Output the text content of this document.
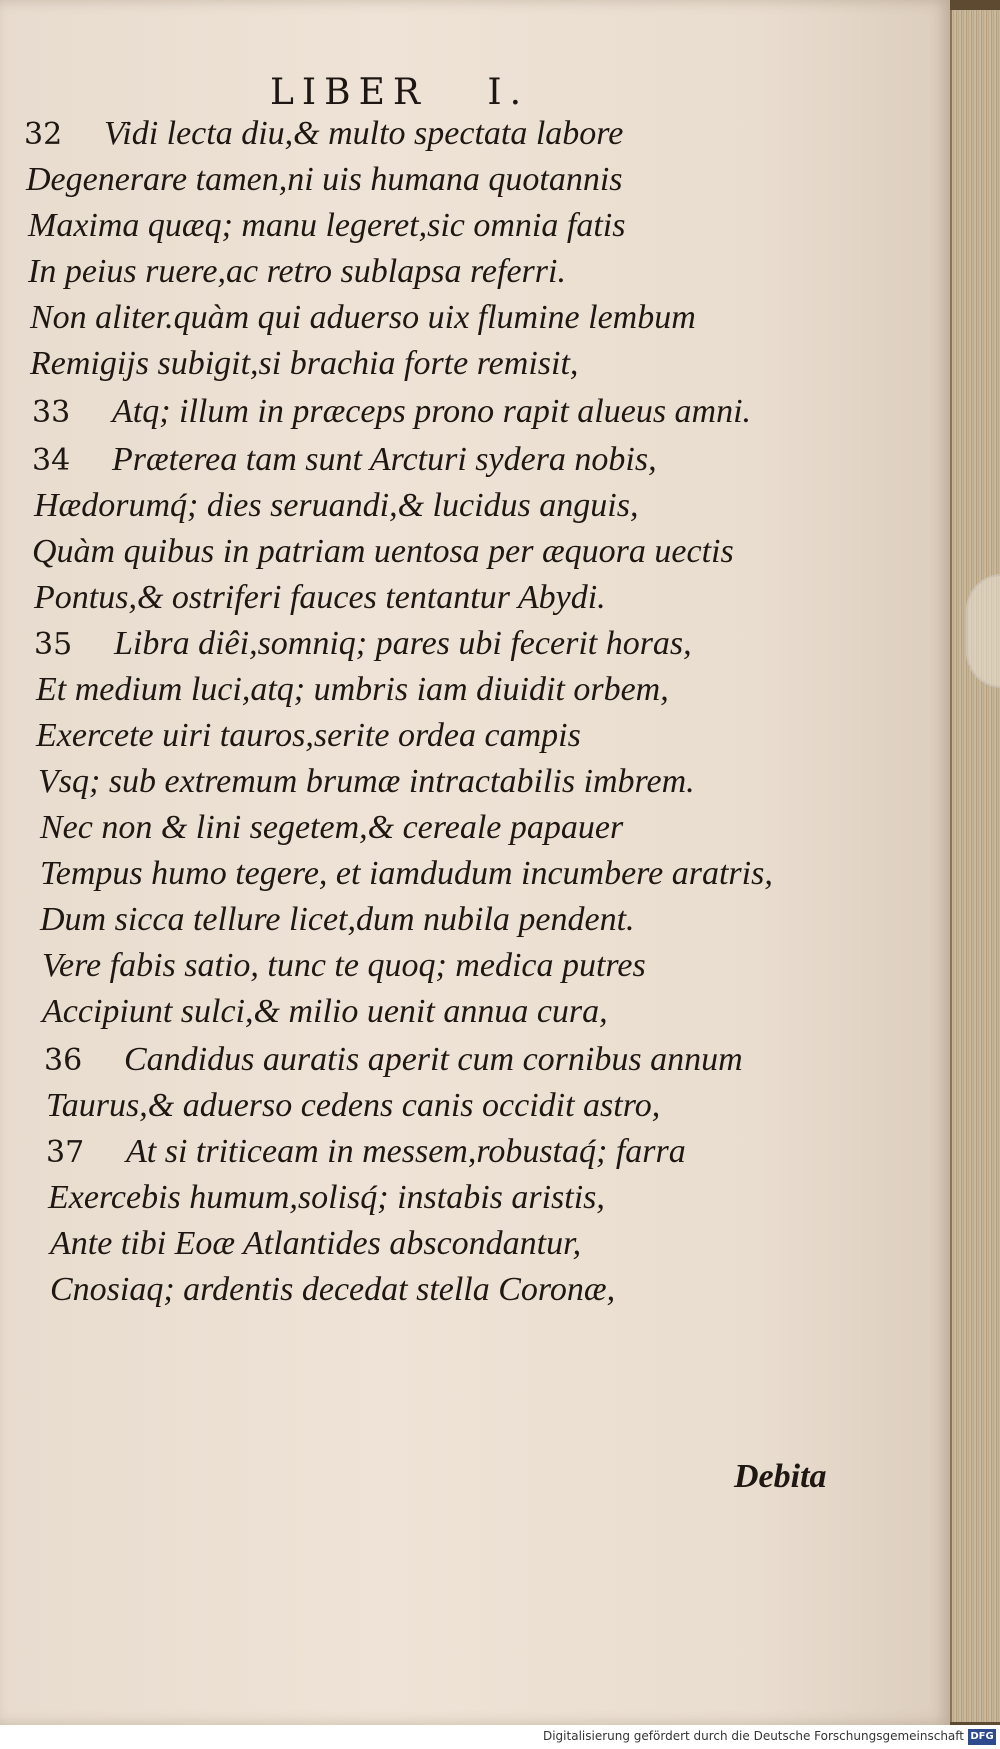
LIBER I.
32 Vidi lecta diu,& multo spectata labore
Degenerare tamen,ni uis humana quotannis
Maxima quæq; manu legeret,sic omnia fatis
In peius ruere,ac retro sublapsa referri.
Non aliter.quàm qui aduerso uix flumine lembum
Remigijs subigit,si brachia forte remisit,
33 Atq; illum in præceps prono rapit alueus amni.
34 Præterea tam sunt Arcturi sydera nobis,
Hædorumq́; dies seruandi,& lucidus anguis,
Quàm quibus in patriam uentosa per æquora uectis
Pontus,& ostriferi fauces tentantur Abydi.
35 Libra diêi,somniq; pares ubi fecerit horas,
Et medium luci,atq; umbris iam diuidit orbem,
Exercete uiri tauros,serite ordea campis
Vsq; sub extremum brumæ intractabilis imbrem.
Nec non & lini segetem,& cereale papauer
Tempus humo tegere, et iamdudum incumbere aratris,
Dum sicca tellure licet,dum nubila pendent.
Vere fabis satio, tunc te quoq; medica putres
Accipiunt sulci,& milio uenit annua cura,
36 Candidus auratis aperit cum cornibus annum
Taurus,& aduerso cedens canis occidit astro,
37 At si triticeam in messem,robustaq́; farra
Exercebis humum,solisq́; instabis aristis,
Ante tibi Eoæ Atlantides abscondantur,
Cnosiaq; ardentis decedat stella Coronæ,
Debita
Digitalisierung gefördert durch die Deutsche Forschungsgemeinschaft DFG
